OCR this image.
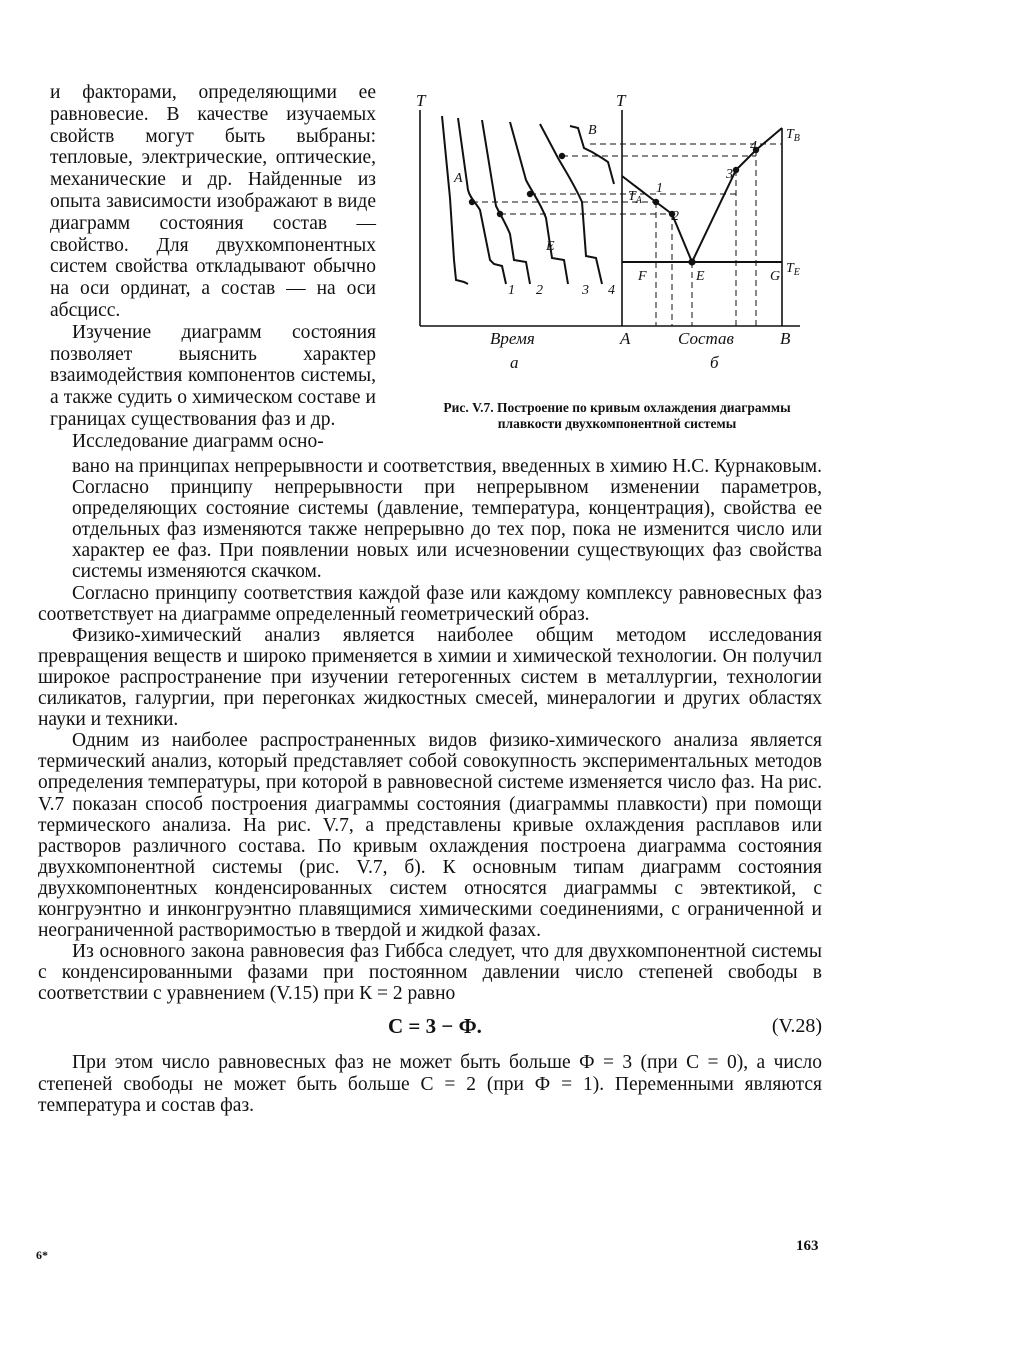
и факторами, определяющими ее равновесие. В качестве изучаемых свойств могут быть выбраны: тепловые, электрические, оптические, механические и др. Найденные из опыта зависимости изображают в виде диаграмм состояния состав — свойство. Для двухкомпонентных систем свойства откладывают обычно на оси ординат, а состав — на оси абсцисс.

Изучение диаграмм состояния позволяет выяснить характер взаимодействия компонентов системы, а также судить о химическом составе и границах существования фаз и др.

Исследование диаграмм осно-

T	T
A
B
E
1 2	3 4
1
2
3
4
$T_A$
$T_B$
$T_E$
F	E	G
Время	A	Состав	B
а	б
Рис. V.7. Построение по кривым охлаждения диаграммы плавкости двухкомпонентной системы

вано на принципах непрерывности и соответствия, введенных в химию Н.С. Курнаковым. Согласно принципу непрерывности при непрерывном изменении параметров, определяющих состояние системы (давление, температура, концентрация), свойства ее отдельных фаз изменяются также непрерывно до тех пор, пока не изменится число или характер ее фаз. При появлении новых или исчезновении существующих фаз свойства системы изменяются скачком.

Согласно принципу соответствия каждой фазе или каждому комплексу равновесных фаз соответствует на диаграмме определенный геометрический образ.

Физико-химический анализ является наиболее общим методом исследования превращения веществ и широко применяется в химии и химической технологии. Он получил широкое распространение при изучении гетерогенных систем в металлургии, технологии силикатов, галургии, при перегонках жидкостных смесей, минералогии и других областях науки и техники.

Одним из наиболее распространенных видов физико-химического анализа является термический анализ, который представляет собой совокупность экспериментальных методов определения температуры, при которой в равновесной системе изменяется число фаз. На рис. V.7 показан способ построения диаграммы состояния (диаграммы плавкости) при помощи термического анализа. На рис. V.7, а представлены кривые охлаждения расплавов или растворов различного состава. По кривым охлаждения построена диаграмма состояния двухкомпонентной системы (рис. V.7, б). К основным типам диаграмм состояния двухкомпонентных конденсированных систем относятся диаграммы с эвтектикой, с конгруэнтно и инконгруэнтно плавящимися химическими соединениями, с ограниченной и неограниченной растворимостью в твердой и жидкой фазах.

Из основного закона равновесия фаз Гиббса следует, что для двухкомпонентной системы с конденсированными фазами при постоянном давлении число степеней свободы в соответствии с уравнением (V.15) при К = 2 равно

С = 3 − Ф.	(V.28)

При этом число равновесных фаз не может быть больше Ф = 3 (при С = 0), а число степеней свободы не может быть больше С = 2 (при Ф = 1). Переменными являются температура и состав фаз.

6*
163
